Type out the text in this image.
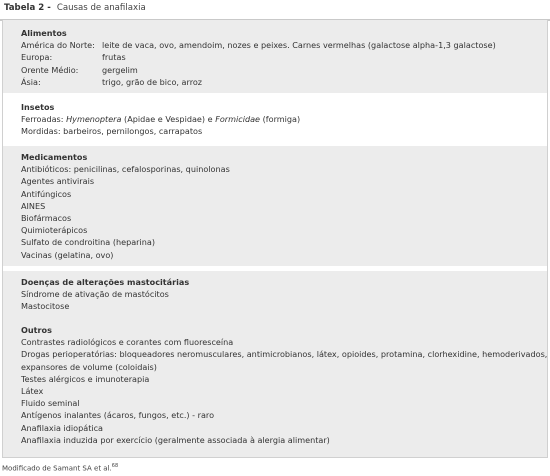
Tabela 2 - Causas de anafilaxia
Alimentos
América do Norte: leite de vaca, ovo, amendoim, nozes e peixes. Carnes vermelhas (galactose alpha-1,3 galactose)
Europa:	frutas
Orente Médio:	gergelim
Ásia:	trigo, grão de bico, arroz
Insetos
Ferroadas: Hymenoptera (Apidae e Vespidae) e Formicidae (formiga)
Mordidas: barbeiros, pernilongos, carrapatos
Medicamentos
Antibióticos: penicilinas, cefalosporinas, quinolonas
Agentes antivirais
Antifúngicos
AINES
Biofármacos
Quimioterápicos
Sulfato de condroitina (heparina)
Vacinas (gelatina, ovo)
Doenças de alterações mastocitárias
Síndrome de ativação de mastócitos
Mastocitose
Outros
Contrastes radiológicos e corantes com fluoresceína
Drogas perioperatórias: bloqueadores neromusculares, antimicrobianos, látex, opioides, protamina, clorhexidine, hemoderivados,
expansores de volume (coloidais)
Testes alérgicos e imunoterapia
Látex
Fluido seminal
Antígenos inalantes (ácaros, fungos, etc.) - raro
Anafilaxia idiopática
Anafilaxia induzida por exercício (geralmente associada à alergia alimentar)
Modificado de Samant SA et al.$^{68}$
